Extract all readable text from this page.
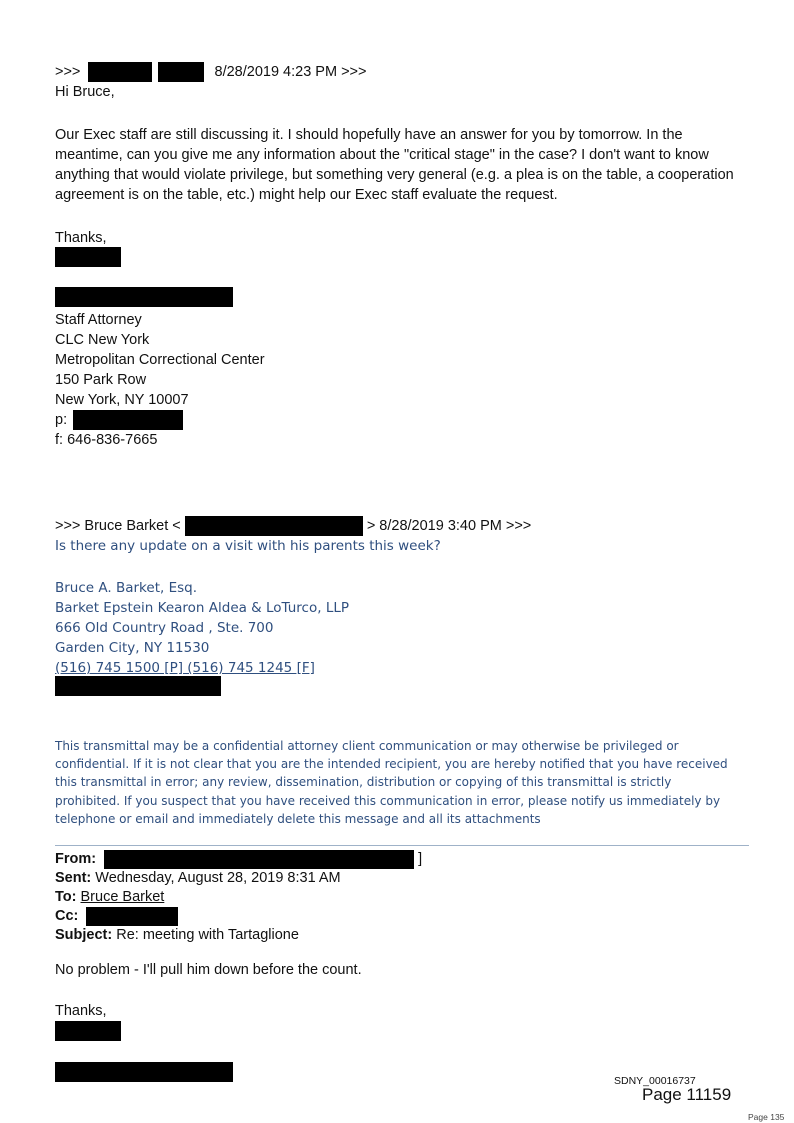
>>>	8/28/2019 4:23 PM >>>
Hi Bruce,
Our Exec staff are still discussing it. I should hopefully have an answer for you by tomorrow. In the
meantime, can you give me any information about the "critical stage" in the case? I don't want to know
anything that would violate privilege, but something very general (e.g. a plea is on the table, a cooperation
agreement is on the table, etc.) might help our Exec staff evaluate the request.
Thanks,
Staff Attorney
CLC New York
Metropolitan Correctional Center
150 Park Row
New York, NY 10007
p:
f: 646-836-7665
>>> Bruce Barket <	> 8/28/2019 3:40 PM >>>
Is there any update on a visit with his parents this week?
Bruce A. Barket, Esq.
Barket Epstein Kearon Aldea & LoTurco, LLP
666 Old Country Road , Ste. 700
Garden City, NY 11530
(516) 745 1500 [P] (516) 745 1245 [F]
This transmittal may be a confidential attorney client communication or may otherwise be privileged or
confidential. If it is not clear that you are the intended recipient, you are hereby notified that you have received
this transmittal in error; any review, dissemination, distribution or copying of this transmittal is strictly
prohibited. If you suspect that you have received this communication in error, please notify us immediately by
telephone or email and immediately delete this message and all its attachments
From:	]
Sent: Wednesday, August 28, 2019 8:31 AM
To: Bruce Barket
Cc:
Subject: Re: meeting with Tartaglione
No problem - I'll pull him down before the count.
Thanks,
SDNY_00016737
Page 11159
Page 135
